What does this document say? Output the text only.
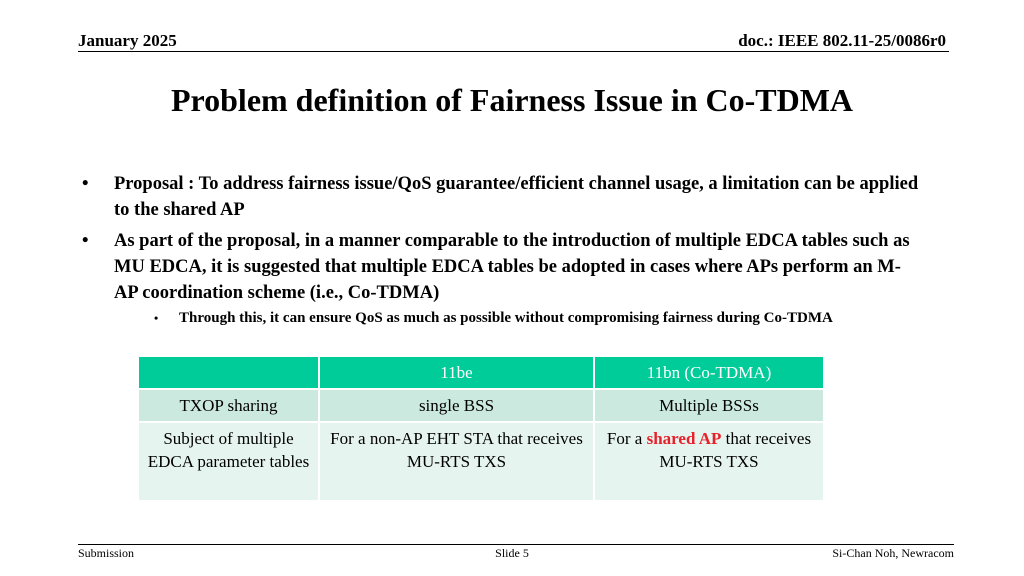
January 2025	doc.: IEEE 802.11-25/0086r0
Problem definition of Fairness Issue in Co-TDMA
• Proposal : To address fairness issue/QoS guarantee/efficient channel usage, a limitation can be applied to the shared AP
• As part of the proposal, in a manner comparable to the introduction of multiple EDCA tables such as MU EDCA, it is suggested that multiple EDCA tables be adopted in cases where APs perform an M-AP coordination scheme (i.e., Co-TDMA)
• Through this, it can ensure QoS as much as possible without compromising fairness during Co-TDMA
	11be	11bn (Co-TDMA)
TXOP sharing	single BSS	Multiple BSSs
Subject of multiple EDCA parameter tables	For a non-AP EHT STA that receives MU-RTS TXS	For a shared AP that receives MU-RTS TXS
Submission	Slide 5	Si-Chan Noh, Newracom
